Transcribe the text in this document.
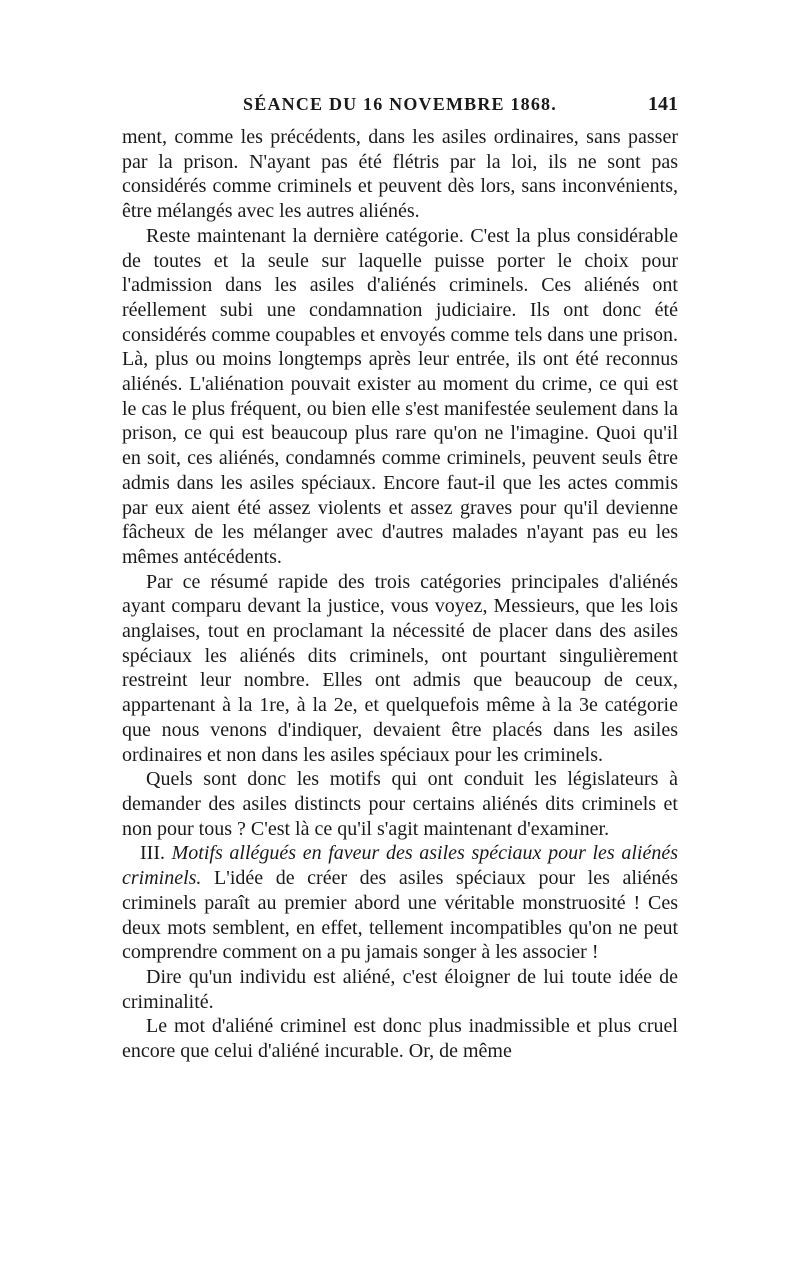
SÉANCE DU 16 NOVEMBRE 1868.	141

ment, comme les précédents, dans les asiles ordinaires, sans passer par la prison. N'ayant pas été flétris par la loi, ils ne sont pas considérés comme criminels et peuvent dès lors, sans inconvénients, être mélangés avec les autres aliénés.

Reste maintenant la dernière catégorie. C'est la plus considérable de toutes et la seule sur laquelle puisse porter le choix pour l'admission dans les asiles d'aliénés criminels. Ces aliénés ont réellement subi une condamnation judiciaire. Ils ont donc été considérés comme coupables et envoyés comme tels dans une prison. Là, plus ou moins longtemps après leur entrée, ils ont été reconnus aliénés. L'aliénation pouvait exister au moment du crime, ce qui est le cas le plus fréquent, ou bien elle s'est manifestée seulement dans la prison, ce qui est beaucoup plus rare qu'on ne l'imagine. Quoi qu'il en soit, ces aliénés, condamnés comme criminels, peuvent seuls être admis dans les asiles spéciaux. Encore faut-il que les actes commis par eux aient été assez violents et assez graves pour qu'il devienne fâcheux de les mélanger avec d'autres malades n'ayant pas eu les mêmes antécédents.

Par ce résumé rapide des trois catégories principales d'aliénés ayant comparu devant la justice, vous voyez, Messieurs, que les lois anglaises, tout en proclamant la nécessité de placer dans des asiles spéciaux les aliénés dits criminels, ont pourtant singulièrement restreint leur nombre. Elles ont admis que beaucoup de ceux, appartenant à la 1re, à la 2e, et quelquefois même à la 3e catégorie que nous venons d'indiquer, devaient être placés dans les asiles ordinaires et non dans les asiles spéciaux pour les criminels.

Quels sont donc les motifs qui ont conduit les législateurs à demander des asiles distincts pour certains aliénés dits criminels et non pour tous ? C'est là ce qu'il s'agit maintenant d'examiner.

III. Motifs allégués en faveur des asiles spéciaux pour les aliénés criminels. L'idée de créer des asiles spéciaux pour les aliénés criminels paraît au premier abord une véritable monstruosité ! Ces deux mots semblent, en effet, tellement incompatibles qu'on ne peut comprendre comment on a pu jamais songer à les associer !

Dire qu'un individu est aliéné, c'est éloigner de lui toute idée de criminalité.

Le mot d'aliéné criminel est donc plus inadmissible et plus cruel encore que celui d'aliéné incurable. Or, de même
